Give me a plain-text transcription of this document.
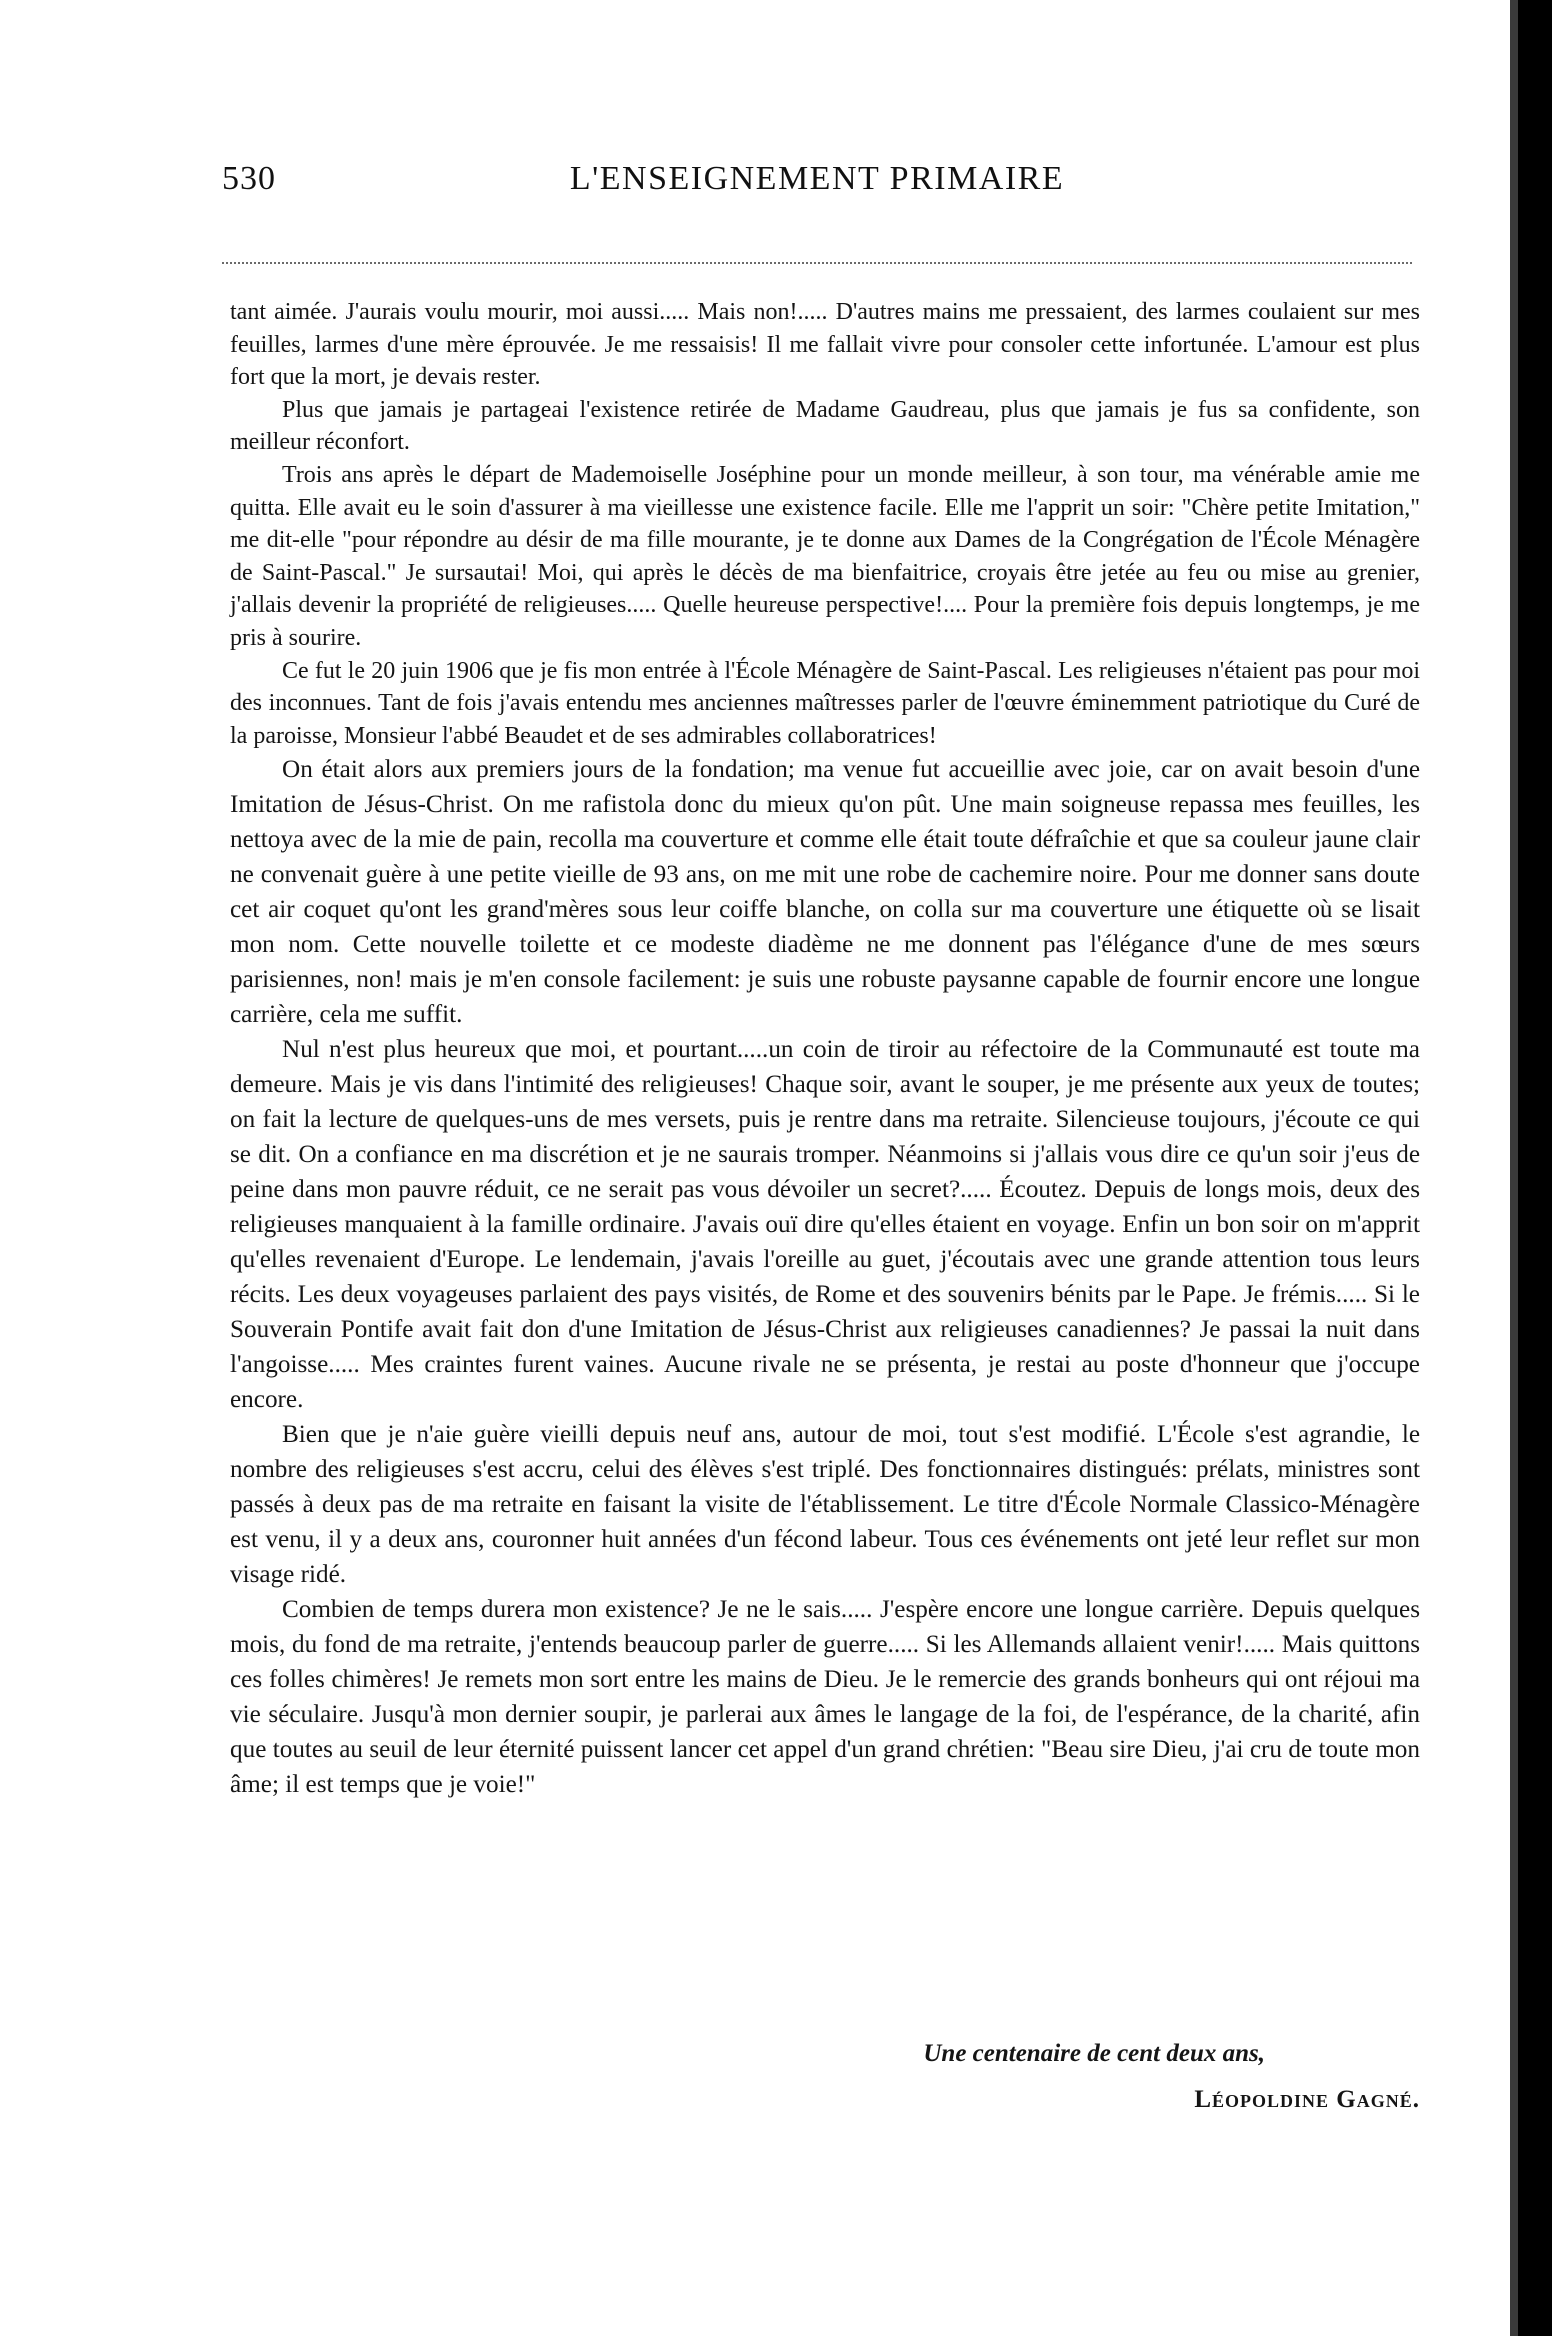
530	L'ENSEIGNEMENT PRIMAIRE

tant aimée. J'aurais voulu mourir, moi aussi..... Mais non!..... D'autres mains me pressaient, des larmes coulaient sur mes feuilles, larmes d'une mère éprouvée. Je me ressaisis! Il me fallait vivre pour consoler cette infortunée. L'amour est plus fort que la mort, je devais rester.

Plus que jamais je partageai l'existence retirée de Madame Gaudreau, plus que jamais je fus sa confidente, son meilleur réconfort.

Trois ans après le départ de Mademoiselle Joséphine pour un monde meilleur, à son tour, ma vénérable amie me quitta. Elle avait eu le soin d'assurer à ma vieillesse une existence facile. Elle me l'apprit un soir: "Chère petite Imitation," me dit-elle "pour répondre au désir de ma fille mourante, je te donne aux Dames de la Congrégation de l'École Ménagère de Saint-Pascal." Je sursautai! Moi, qui après le décès de ma bienfaitrice, croyais être jetée au feu ou mise au grenier, j'allais devenir la propriété de religieuses..... Quelle heureuse perspective!.... Pour la première fois depuis longtemps, je me pris à sourire.

Ce fut le 20 juin 1906 que je fis mon entrée à l'École Ménagère de Saint-Pascal. Les religieuses n'étaient pas pour moi des inconnues. Tant de fois j'avais entendu mes anciennes maîtresses parler de l'œuvre éminemment patriotique du Curé de la paroisse, Monsieur l'abbé Beaudet et de ses admirables collaboratrices!

On était alors aux premiers jours de la fondation; ma venue fut accueillie avec joie, car on avait besoin d'une Imitation de Jésus-Christ. On me rafistola donc du mieux qu'on pût. Une main soigneuse repassa mes feuilles, les nettoya avec de la mie de pain, recolla ma couverture et comme elle était toute défraîchie et que sa couleur jaune clair ne convenait guère à une petite vieille de 93 ans, on me mit une robe de cachemire noire. Pour me donner sans doute cet air coquet qu'ont les grand'mères sous leur coiffe blanche, on colla sur ma couverture une étiquette où se lisait mon nom. Cette nouvelle toilette et ce modeste diadème ne me donnent pas l'élégance d'une de mes sœurs parisiennes, non! mais je m'en console facilement: je suis une robuste paysanne capable de fournir encore une longue carrière, cela me suffit.

Nul n'est plus heureux que moi, et pourtant.....un coin de tiroir au réfectoire de la Communauté est toute ma demeure. Mais je vis dans l'intimité des religieuses! Chaque soir, avant le souper, je me présente aux yeux de toutes; on fait la lecture de quelques-uns de mes versets, puis je rentre dans ma retraite. Silencieuse toujours, j'écoute ce qui se dit. On a confiance en ma discrétion et je ne saurais tromper. Néanmoins si j'allais vous dire ce qu'un soir j'eus de peine dans mon pauvre réduit, ce ne serait pas vous dévoiler un secret?..... Écoutez. Depuis de longs mois, deux des religieuses manquaient à la famille ordinaire. J'avais ouï dire qu'elles étaient en voyage. Enfin un bon soir on m'apprit qu'elles revenaient d'Europe. Le lendemain, j'avais l'oreille au guet, j'écoutais avec une grande attention tous leurs récits. Les deux voyageuses parlaient des pays visités, de Rome et des souvenirs bénits par le Pape. Je frémis..... Si le Souverain Pontife avait fait don d'une Imitation de Jésus-Christ aux religieuses canadiennes? Je passai la nuit dans l'angoisse..... Mes craintes furent vaines. Aucune rivale ne se présenta, je restai au poste d'honneur que j'occupe encore.

Bien que je n'aie guère vieilli depuis neuf ans, autour de moi, tout s'est modifié. L'École s'est agrandie, le nombre des religieuses s'est accru, celui des élèves s'est triplé. Des fonctionnaires distingués: prélats, ministres sont passés à deux pas de ma retraite en faisant la visite de l'établissement. Le titre d'École Normale Classico-Ménagère est venu, il y a deux ans, couronner huit années d'un fécond labeur. Tous ces événements ont jeté leur reflet sur mon visage ridé.

Combien de temps durera mon existence? Je ne le sais..... J'espère encore une longue carrière. Depuis quelques mois, du fond de ma retraite, j'entends beaucoup parler de guerre..... Si les Allemands allaient venir!..... Mais quittons ces folles chimères! Je remets mon sort entre les mains de Dieu. Je le remercie des grands bonheurs qui ont réjoui ma vie séculaire. Jusqu'à mon dernier soupir, je parlerai aux âmes le langage de la foi, de l'espérance, de la charité, afin que toutes au seuil de leur éternité puissent lancer cet appel d'un grand chrétien: "Beau sire Dieu, j'ai cru de toute mon âme; il est temps que je voie!"

Une centenaire de cent deux ans,
Léopoldine Gagné.
